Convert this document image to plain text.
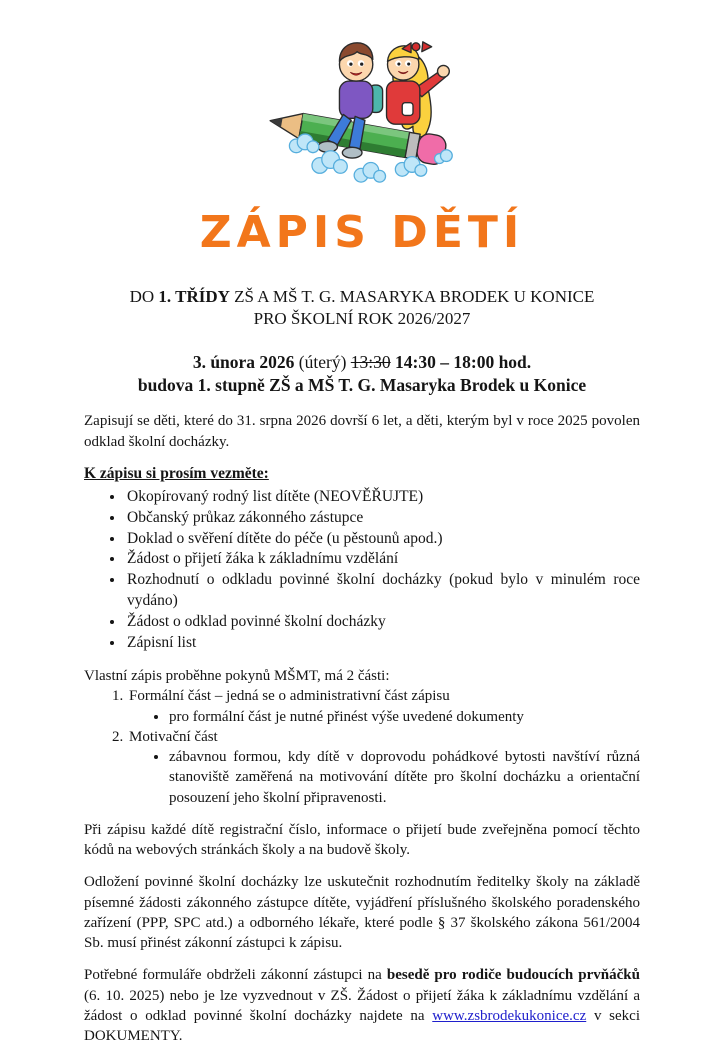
ZÁPIS DĚTÍ
DO 1. TŘÍDY ZŠ A MŠ T. G. MASARYKA BRODEK U KONICE
PRO ŠKOLNÍ ROK 2026/2027
3. února 2026 (úterý) 13:30 14:30 – 18:00 hod.
budova 1. stupně ZŠ a MŠ T. G. Masaryka Brodek u Konice

Zapisují se děti, které do 31. srpna 2026 dovrší 6 let, a děti, kterým byl v roce 2025 povolen odklad školní docházky.

K zápisu si prosím vezměte:

• Okopírovaný rodný list dítěte (NEOVĚŘUJTE)
• Občanský průkaz zákonného zástupce
• Doklad o svěření dítěte do péče (u pěstounů apod.)
• Žádost o přijetí žáka k základnímu vzdělání
• Rozhodnutí o odkladu povinné školní docházky (pokud bylo v minulém roce vydáno)
• Žádost o odklad povinné školní docházky
• Zápisní list

Vlastní zápis proběhne pokynů MŠMT, má 2 části:

1. Formální část – jedná se o administrativní část zápisu
• pro formální část je nutné přinést výše uvedené dokumenty
2. Motivační část
• zábavnou formou, kdy dítě v doprovodu pohádkové bytosti navštíví různá stanoviště zaměřená na motivování dítěte pro školní docházku a orientační posouzení jeho školní připravenosti.

Při zápisu každé dítě registrační číslo, informace o přijetí bude zveřejněna pomocí těchto kódů na webových stránkách školy a na budově školy.

Odložení povinné školní docházky lze uskutečnit rozhodnutím ředitelky školy na základě písemné žádosti zákonného zástupce dítěte, vyjádření příslušného školského poradenského zařízení (PPP, SPC atd.) a odborného lékaře, které podle § 37 školského zákona 561/2004 Sb. musí přinést zákonní zástupci k zápisu.

Potřebné formuláře obdrželi zákonní zástupci na besedě pro rodiče budoucích prvňáčků (6. 10. 2025) nebo je lze vyzvednout v ZŠ. Žádost o přijetí žáka k základnímu vzdělání a žádost o odklad povinné školní docházky najdete na www.zsbrodekukonice.cz v sekci DOKUMENTY.
